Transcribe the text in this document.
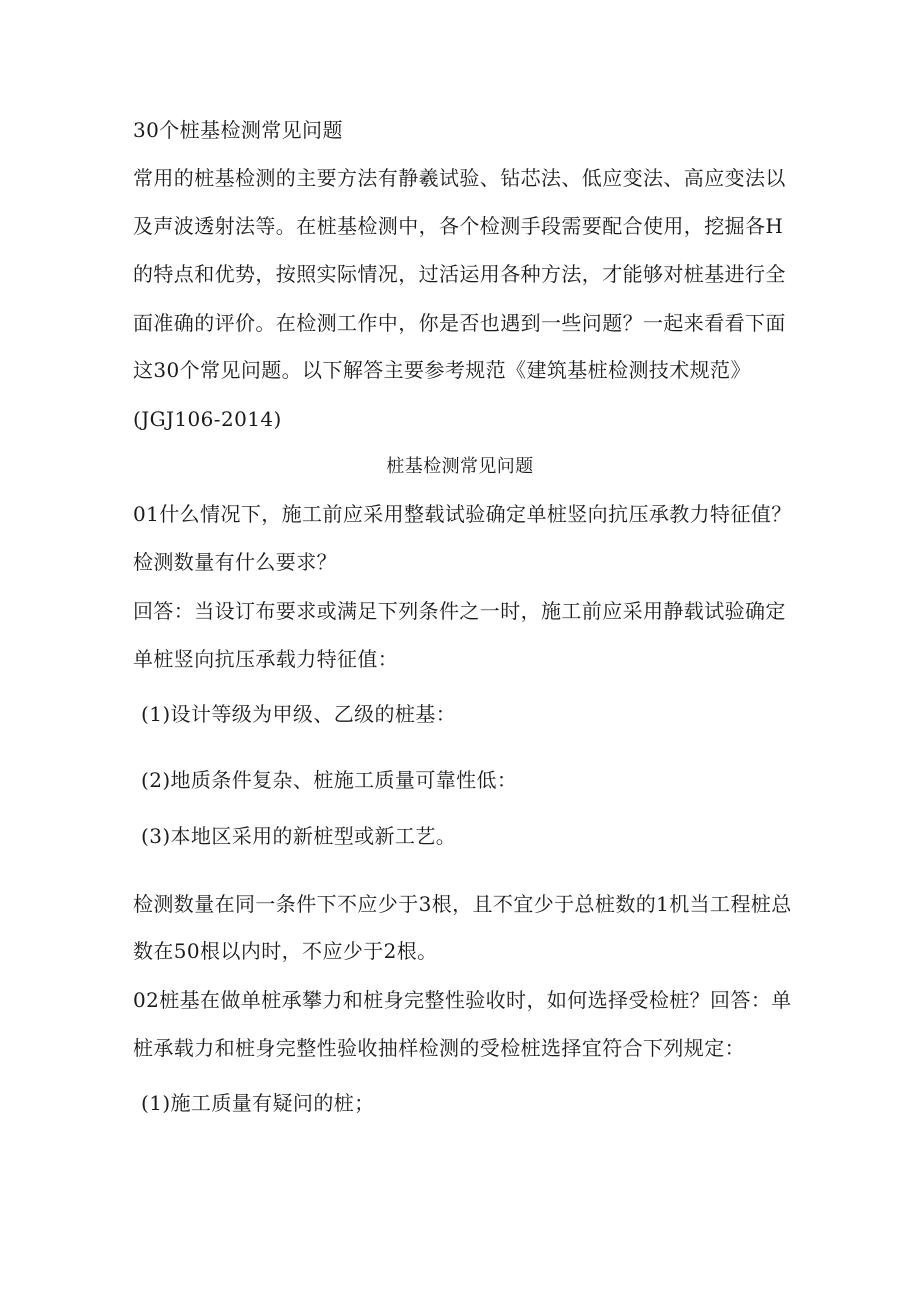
30个桩基检测常见问题
常用的桩基检测的主要方法有静羲试验、钻芯法、低应变法、高应变法以
及声波透射法等。在桩基检测中，各个检测手段需要配合使用，挖掘各H
的特点和优势，按照实际情况，过活运用各种方法，才能够对桩基进行全
面准确的评价。在检测工作中，你是否也遇到一些问题？一起来看看下面
这30个常见问题。以下解答主要参考规范《建筑基桩检测技术规范》
(JGJ106-2014)
桩基检测常见问题
01什么情况下，施工前应采用整载试验确定单桩竖向抗压承教力特征值？
检测数量有什么要求？
回答：当设订布要求或满足下列条件之一时，施工前应采用静载试验确定
单桩竖向抗压承载力特征值：
(1)设计等级为甲级、乙级的桩基：
(2)地质条件复杂、桩施工质量可靠性低：
(3)本地区采用的新桩型或新工艺。
检测数量在同一条件下不应少于3根，且不宜少于总桩数的1机当工程桩总
数在50根以内时，不应少于2根。
02桩基在做单桩承攀力和桩身完整性验收时，如何选择受检桩？回答：单
桩承载力和桩身完整性验收抽样检测的受检桩选择宜符合下列规定：
(1)施工质量有疑问的桩；
